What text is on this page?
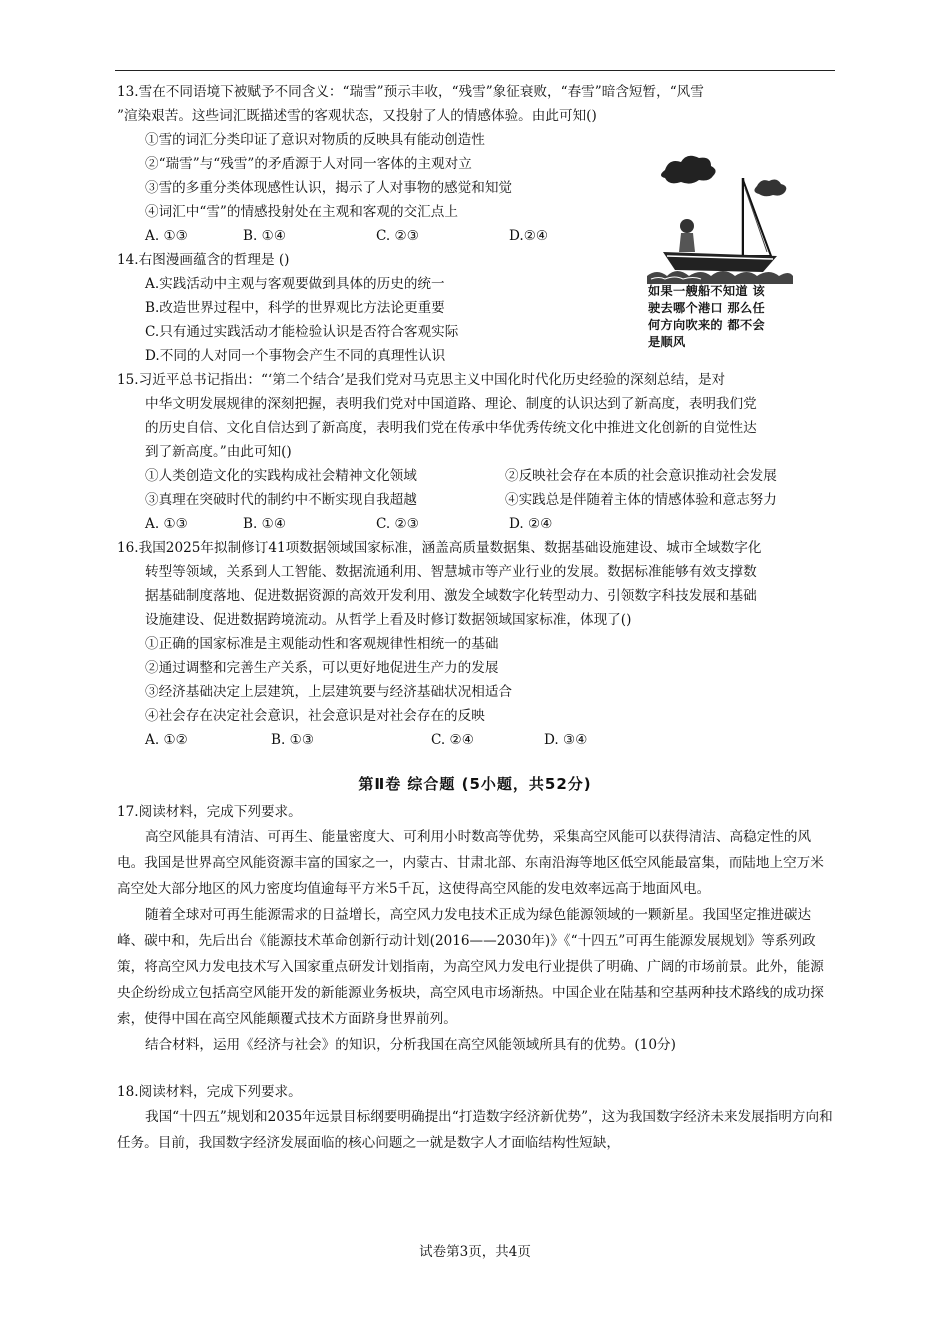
13.雪在不同语境下被赋予不同含义：“瑞雪”预示丰收，“残雪”象征衰败，“春雪”暗含短暂，“风雪

”渲染艰苦。这些词汇既描述雪的客观状态，又投射了人的情感体验。由此可知()

①雪的词汇分类印证了意识对物质的反映具有能动创造性

②“瑞雪”与“残雪”的矛盾源于人对同一客体的主观对立

③雪的多重分类体现感性认识，揭示了人对事物的感觉和知觉

④词汇中“雪”的情感投射处在主观和客观的交汇点上

A. ①③	B. ①④	C. ②③	D.②④

14.右图漫画蕴含的哲理是 ()

A.实践活动中主观与客观要做到具体的历史的统一

B.改造世界过程中，科学的世界观比方法论更重要

C.只有通过实践活动才能检验认识是否符合客观实际

D.不同的人对同一个事物会产生不同的真理性认识

15.习近平总书记指出：“‘第二个结合’是我们党对马克思主义中国化时代化历史经验的深刻总结，是对

中华文明发展规律的深刻把握，表明我们党对中国道路、理论、制度的认识达到了新高度，表明我们党

的历史自信、文化自信达到了新高度，表明我们党在传承中华优秀传统文化中推进文化创新的自觉性达

到了新高度。”由此可知()

①人类创造文化的实践构成社会精神文化领域	②反映社会存在本质的社会意识推动社会发展
③真理在突破时代的制约中不断实现自我超越	④实践总是伴随着主体的情感体验和意志努力
A. ①③	B. ①④	C. ②③	D. ②④

16.我国2025年拟制修订41项数据领域国家标准，涵盖高质量数据集、数据基础设施建设、城市全域数字化

转型等领域，关系到人工智能、数据流通利用、智慧城市等产业行业的发展。数据标准能够有效支撑数

据基础制度落地、促进数据资源的高效开发利用、激发全域数字化转型动力、引领数字科技发展和基础

设施建设、促进数据跨境流动。从哲学上看及时修订数据领域国家标准，体现了()

①正确的国家标准是主观能动性和客观规律性相统一的基础

②通过调整和完善生产关系，可以更好地促进生产力的发展

③经济基础决定上层建筑，上层建筑要与经济基础状况相适合

④社会存在决定社会意识，社会意识是对社会存在的反映

A. ①②	B. ①③	C. ②④	D. ③④
第Ⅱ卷 综合题 (5小题，共52分)

17.阅读材料，完成下列要求。

高空风能具有清洁、可再生、能量密度大、可利用小时数高等优势，采集高空风能可以获得清洁、高稳定性的风电。我国是世界高空风能资源丰富的国家之一，内蒙古、甘肃北部、东南沿海等地区低空风能最富集，而陆地上空万米高空处大部分地区的风力密度均值逾每平方米5千瓦，这使得高空风能的发电效率远高于地面风电。

随着全球对可再生能源需求的日益增长，高空风力发电技术正成为绿色能源领域的一颗新星。我国坚定推进碳达峰、碳中和，先后出台《能源技术革命创新行动计划(2016——2030年)》《“十四五”可再生能源发展规划》等系列政策，将高空风力发电技术写入国家重点研发计划指南，为高空风力发电行业提供了明确、广阔的市场前景。此外，能源央企纷纷成立包括高空风能开发的新能源业务板块，高空风电市场渐热。中国企业在陆基和空基两种技术路线的成功探索，使得中国在高空风能颠覆式技术方面跻身世界前列。

结合材料，运用《经济与社会》的知识，分析我国在高空风能领域所具有的优势。(10分)

18.阅读材料，完成下列要求。

我国“十四五”规划和2035年远景目标纲要明确提出“打造数字经济新优势”，这为我国数字经济未来发展指明方向和任务。目前，我国数字经济发展面临的核心问题之一就是数字人才面临结构性短缺，

如果一艘船不知道 该
驶去哪个港口 那么任
何方向吹来的 都不会
是顺风
试卷第3页，共4页
